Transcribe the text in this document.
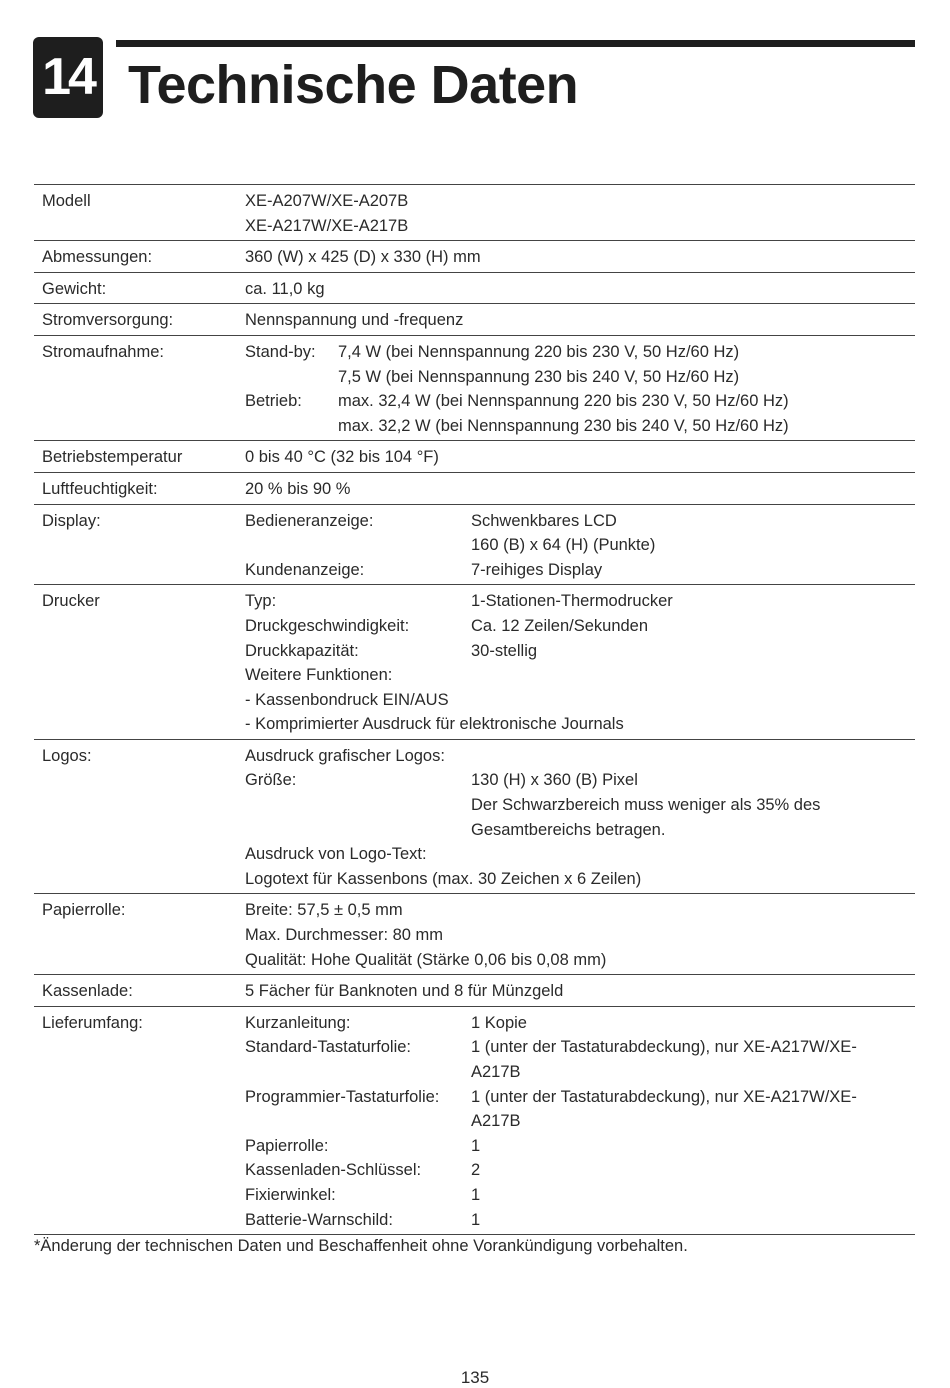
14 Technische Daten
Modell	XE-A207W/XE-A207B
XE-A217W/XE-A217B
Abmessungen:	360 (W) x 425 (D) x 330 (H) mm
Gewicht:	ca. 11,0 kg
Stromversorgung:	Nennspannung und -frequenz
Stromaufnahme:	Stand-by:	7,4 W (bei Nennspannung 220 bis 230 V, 50 Hz/60 Hz)
7,5 W (bei Nennspannung 230 bis 240 V, 50 Hz/60 Hz)
Betrieb:	max. 32,4 W (bei Nennspannung 220 bis 230 V, 50 Hz/60 Hz)
max. 32,2 W (bei Nennspannung 230 bis 240 V, 50 Hz/60 Hz)
Betriebstemperatur	0 bis 40 °C (32 bis 104 °F)
Luftfeuchtigkeit:	20 % bis 90 %
Display:	Bedieneranzeige:	Schwenkbares LCD
160 (B) x 64 (H) (Punkte)
Kundenanzeige:	7-reihiges Display
Drucker	Typ:	1-Stationen-Thermodrucker
Druckgeschwindigkeit:	Ca. 12 Zeilen/Sekunden
Druckkapazität:	30-stellig
Weitere Funktionen:
- Kassenbondruck EIN/AUS
- Komprimierter Ausdruck für elektronische Journals
Logos:	Ausdruck grafischer Logos:
Größe:	130 (H) x 360 (B) Pixel
Der Schwarzbereich muss weniger als 35% des
Gesamtbereichs betragen.
Ausdruck von Logo-Text:
Logotext für Kassenbons (max. 30 Zeichen x 6 Zeilen)
Papierrolle:	Breite: 57,5 ± 0,5 mm
Max. Durchmesser: 80 mm
Qualität: Hohe Qualität (Stärke 0,06 bis 0,08 mm)
Kassenlade:	5 Fächer für Banknoten und 8 für Münzgeld
Lieferumfang:	Kurzanleitung:	1 Kopie
Standard-Tastaturfolie:	1 (unter der Tastaturabdeckung), nur XE-A217W/XE-
A217B
Programmier-Tastaturfolie:	1 (unter der Tastaturabdeckung), nur XE-A217W/XE-
A217B
Papierrolle:	1
Kassenladen-Schlüssel:	2
Fixierwinkel:	1
Batterie-Warnschild:	1
*Änderung der technischen Daten und Beschaffenheit ohne Vorankündigung vorbehalten.
135
